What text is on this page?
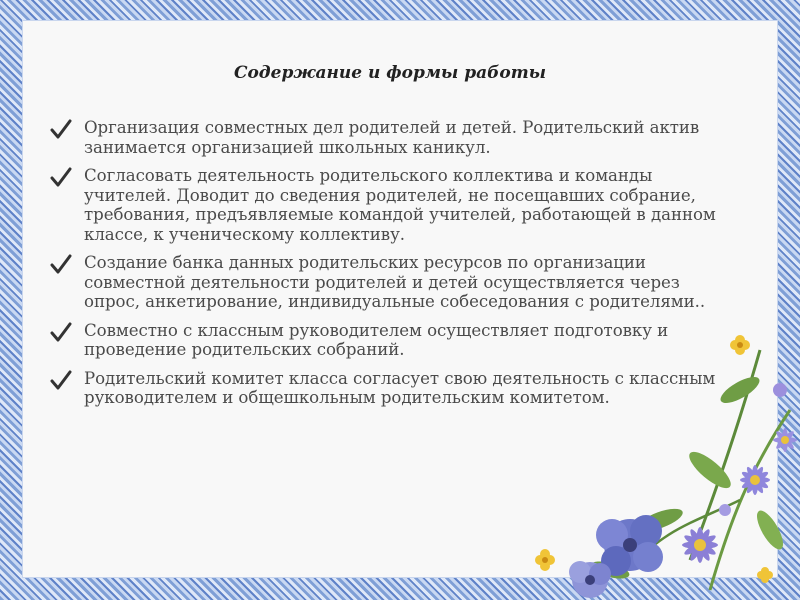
Содержание и формы работы
Организация совместных дел родителей и детей. Родительский актив занимается организацией школьных каникул.
Согласовать деятельность родительского коллектива и команды учителей. Доводит до сведения родителей, не посещавших собрание, требования, предъявляемые командой учителей, работающей в данном классе, к ученическому коллективу.
Создание банка данных родительских ресурсов по организации совместной деятельности родителей и детей осуществляется через опрос, анкетирование, индивидуальные собеседования с родителями..
Совместно с классным руководителем осуществляет подготовку и проведение родительских собраний.
Родительский комитет класса согласует свою деятельность с классным руководителем и общешкольным родительским комитетом.
